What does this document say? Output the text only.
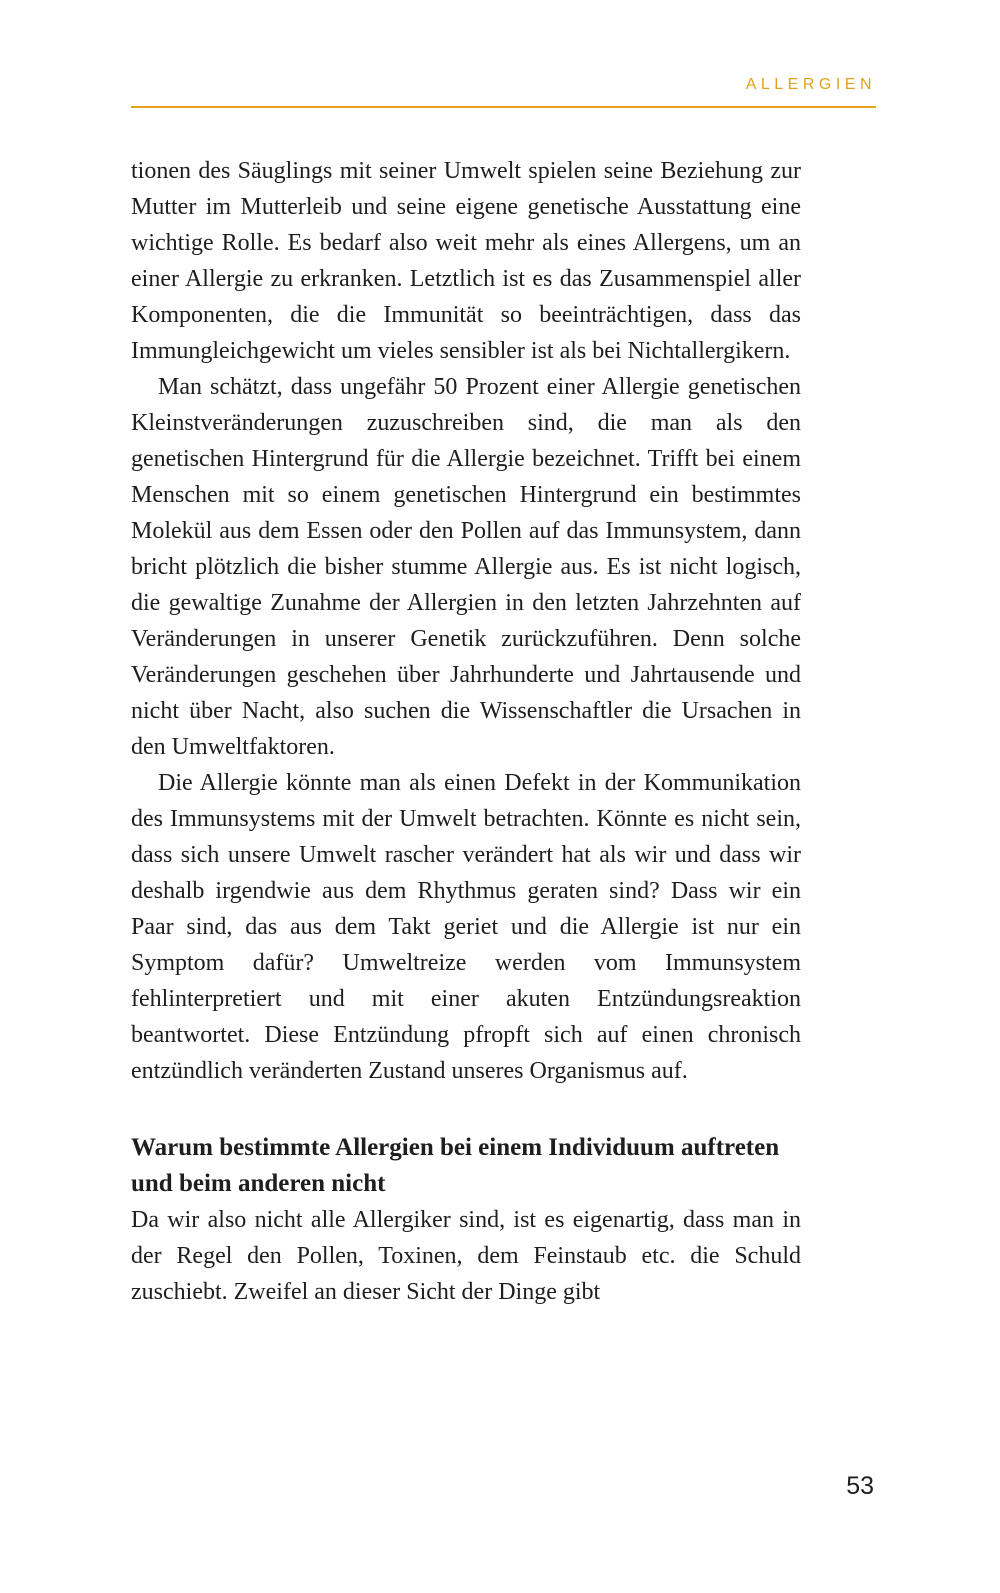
ALLERGIEN

tionen des Säuglings mit seiner Umwelt spielen seine Beziehung zur Mutter im Mutterleib und seine eigene genetische Ausstattung eine wichtige Rolle. Es bedarf also weit mehr als eines Allergens, um an einer Allergie zu erkranken. Letztlich ist es das Zusammenspiel aller Komponenten, die die Immunität so beeinträchtigen, dass das Immungleichgewicht um vieles sensibler ist als bei Nichtallergikern.

Man schätzt, dass ungefähr 50 Prozent einer Allergie genetischen Kleinstveränderungen zuzuschreiben sind, die man als den genetischen Hintergrund für die Allergie bezeichnet. Trifft bei einem Menschen mit so einem genetischen Hintergrund ein bestimmtes Molekül aus dem Essen oder den Pollen auf das Immunsystem, dann bricht plötzlich die bisher stumme Allergie aus. Es ist nicht logisch, die gewaltige Zunahme der Allergien in den letzten Jahrzehnten auf Veränderungen in unserer Genetik zurückzuführen. Denn solche Veränderungen geschehen über Jahrhunderte und Jahrtausende und nicht über Nacht, also suchen die Wissenschaftler die Ursachen in den Umweltfaktoren.

Die Allergie könnte man als einen Defekt in der Kommunikation des Immunsystems mit der Umwelt betrachten. Könnte es nicht sein, dass sich unsere Umwelt rascher verändert hat als wir und dass wir deshalb irgendwie aus dem Rhythmus geraten sind? Dass wir ein Paar sind, das aus dem Takt geriet und die Allergie ist nur ein Symptom dafür? Umweltreize werden vom Immunsystem fehlinterpretiert und mit einer akuten Entzündungsreaktion beantwortet. Diese Entzündung pfropft sich auf einen chronisch entzündlich veränderten Zustand unseres Organismus auf.

Warum bestimmte Allergien bei einem Individuum auftreten und beim anderen nicht

Da wir also nicht alle Allergiker sind, ist es eigenartig, dass man in der Regel den Pollen, Toxinen, dem Feinstaub etc. die Schuld zuschiebt. Zweifel an dieser Sicht der Dinge gibt

53
